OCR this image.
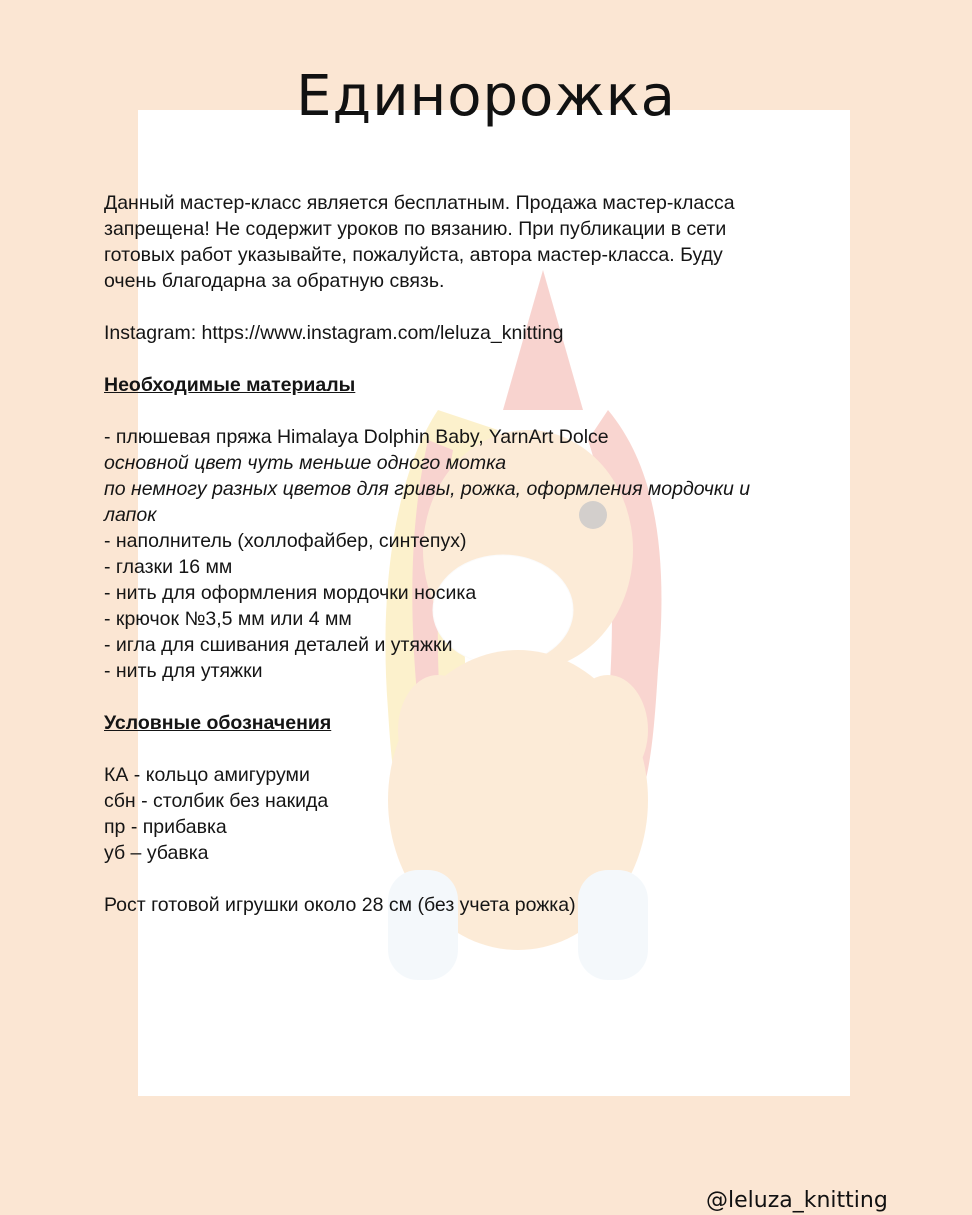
Единорожка

Данный мастер-класс является бесплатным. Продажа мастер-класса

запрещена! Не содержит уроков по вязанию. При публикации в сети

готовых работ указывайте, пожалуйста, автора мастер-класса. Буду

очень благодарна за обратную связь.

Instagram: https://www.instagram.com/leluza_knitting

Необходимые материалы

- плюшевая пряжа Himalaya Dolphin Baby, YarnArt Dolce

основной цвет чуть меньше одного мотка

по немногу разных цветов для гривы, рожка, оформления мордочки и

лапок

- наполнитель (холлофайбер, синтепух)

- глазки 16 мм

- нить для оформления мордочки носика

- крючок №3,5 мм или 4 мм

- игла для сшивания деталей и утяжки

- нить для утяжки

Условные обозначения

КА - кольцо амигуруми

сбн - столбик без накида

пр - прибавка

уб – убавка

Рост готовой игрушки около 28 см (без учета рожка)

@leluza_knitting
